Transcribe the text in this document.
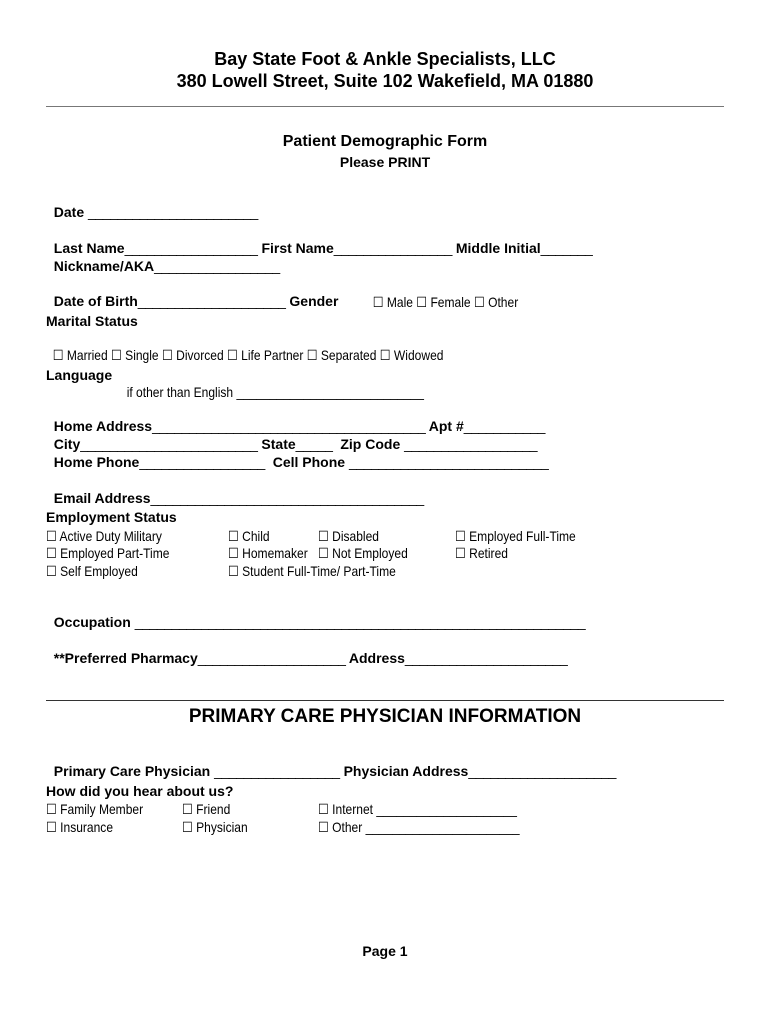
Bay State Foot & Ankle Specialists, LLC
380 Lowell Street, Suite 102 Wakefield, MA 01880
Patient Demographic Form
Please PRINT

Date _______________________

Last Name__________________ First Name________________ Middle Initial_______

Nickname/AKA_________________

Date of Birth____________________ Gender	☐ Male ☐ Female ☐ Other

Marital Status

☐ Married ☐ Single ☐ Divorced ☐ Life Partner ☐ Separated ☐ Widowed

Language

if other than English ____________________________

Home Address_____________________________________ Apt #___________

City________________________ State_____ Zip Code __________________

Home Phone_________________ Cell Phone ___________________________

Email Address_____________________________________

Employment Status
☐ Active Duty Military
☐ Employed Part-Time
☐ Self Employed
☐ Child
☐ Homemaker
☐ Student Full-Time/ Part-Time
☐ Disabled
☐ Not Employed
☐ Employed Full-Time
☐ Retired

Occupation _____________________________________________________________

**Preferred Pharmacy____________________ Address______________________

PRIMARY CARE PHYSICIAN INFORMATION

Primary Care Physician _________________ Physician Address____________________

How did you hear about us?
☐ Family Member
☐ Insurance
☐ Friend
☐ Physician
☐ Internet _____________________
☐ Other _______________________
Page 1
